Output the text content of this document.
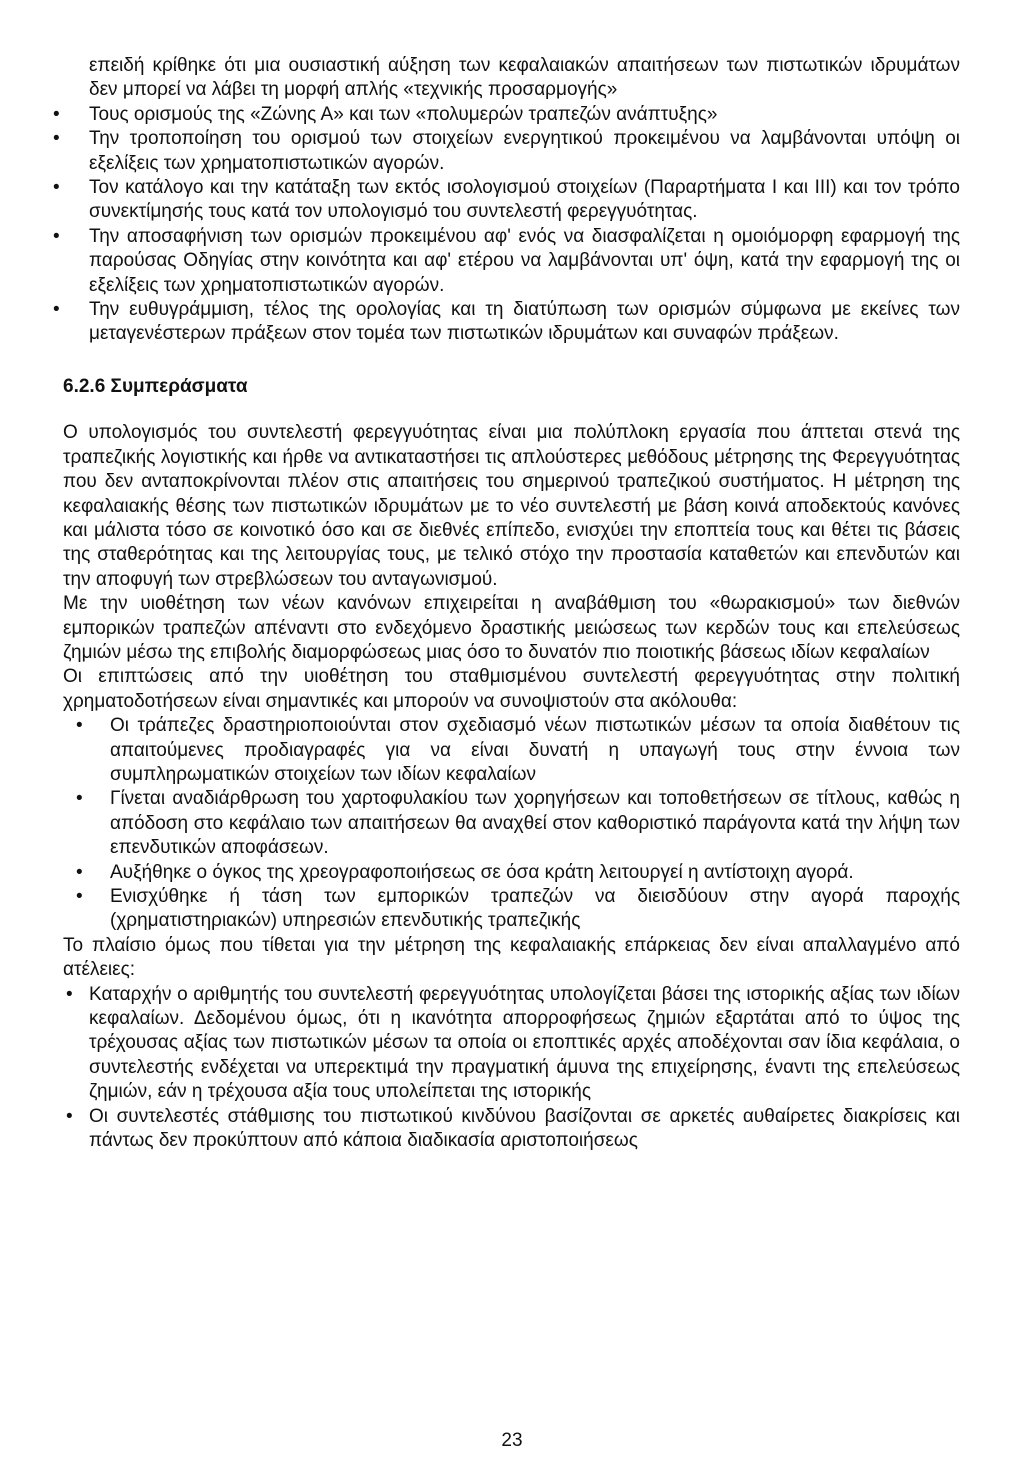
επειδή κρίθηκε ότι μια ουσιαστική αύξηση των κεφαλαιακών απαιτήσεων των πιστωτικών ιδρυμάτων δεν μπορεί να λάβει τη μορφή απλής «τεχνικής προσαρμογής»
• Τους ορισμούς της «Ζώνης Α» και των «πολυμερών τραπεζών ανάπτυξης»
• Την τροποποίηση του ορισμού των στοιχείων ενεργητικού προκειμένου να λαμβάνονται υπόψη οι εξελίξεις των χρηματοπιστωτικών αγορών.
• Τον κατάλογο και την κατάταξη των εκτός ισολογισμού στοιχείων (Παραρτήματα I και III) και τον τρόπο συνεκτίμησής τους κατά τον υπολογισμό του συντελεστή φερεγγυότητας.
• Την αποσαφήνιση των ορισμών προκειμένου αφ' ενός να διασφαλίζεται η ομοιόμορφη εφαρμογή της παρούσας Οδηγίας στην κοινότητα και αφ' ετέρου να λαμβάνονται υπ' όψη, κατά την εφαρμογή της οι εξελίξεις των χρηματοπιστωτικών αγορών.
• Την ευθυγράμμιση, τέλος της ορολογίας και τη διατύπωση των ορισμών σύμφωνα με εκείνες των μεταγενέστερων πράξεων στον τομέα των πιστωτικών ιδρυμάτων και συναφών πράξεων.
6.2.6 Συμπεράσματα

Ο υπολογισμός του συντελεστή φερεγγυότητας είναι μια πολύπλοκη εργασία που άπτεται στενά της τραπεζικής λογιστικής και ήρθε να αντικαταστήσει τις απλούστερες μεθόδους μέτρησης της Φερεγγυότητας που δεν ανταποκρίνονται πλέον στις απαιτήσεις του σημερινού τραπεζικού συστήματος. Η μέτρηση της κεφαλαιακής θέσης των πιστωτικών ιδρυμάτων με το νέο συντελεστή με βάση κοινά αποδεκτούς κανόνες και μάλιστα τόσο σε κοινοτικό όσο και σε διεθνές επίπεδο, ενισχύει την εποπτεία τους και θέτει τις βάσεις της σταθερότητας και της λειτουργίας τους, με τελικό στόχο την προστασία καταθετών και επενδυτών και την αποφυγή των στρεβλώσεων του ανταγωνισμού.

Με την υιοθέτηση των νέων κανόνων επιχειρείται η αναβάθμιση του «θωρακισμού» των διεθνών εμπορικών τραπεζών απέναντι στο ενδεχόμενο δραστικής μειώσεως των κερδών τους και επελεύσεως ζημιών μέσω της επιβολής διαμορφώσεως μιας όσο το δυνατόν πιο ποιοτικής βάσεως ιδίων κεφαλαίων

Οι επιπτώσεις από την υιοθέτηση του σταθμισμένου συντελεστή φερεγγυότητας στην πολιτική χρηματοδοτήσεων είναι σημαντικές και μπορούν να συνοψιστούν στα ακόλουθα:

• Οι τράπεζες δραστηριοποιούνται στον σχεδιασμό νέων πιστωτικών μέσων τα οποία διαθέτουν τις απαιτούμενες προδιαγραφές για να είναι δυνατή η υπαγωγή τους στην έννοια των συμπληρωματικών στοιχείων των ιδίων κεφαλαίων
• Γίνεται αναδιάρθρωση του χαρτοφυλακίου των χορηγήσεων και τοποθετήσεων σε τίτλους, καθώς η απόδοση στο κεφάλαιο των απαιτήσεων θα αναχθεί στον καθοριστικό παράγοντα κατά την λήψη των επενδυτικών αποφάσεων.
• Αυξήθηκε ο όγκος της χρεογραφοποιήσεως σε όσα κράτη λειτουργεί η αντίστοιχη αγορά.
• Ενισχύθηκε ή τάση των εμπορικών τραπεζών να διεισδύουν στην αγορά παροχής (χρηματιστηριακών) υπηρεσιών επενδυτικής τραπεζικής

Το πλαίσιο όμως που τίθεται για την μέτρηση της κεφαλαιακής επάρκειας δεν είναι απαλλαγμένο από ατέλειες:

• Καταρχήν ο αριθμητής του συντελεστή φερεγγυότητας υπολογίζεται βάσει της ιστορικής αξίας των ιδίων κεφαλαίων. Δεδομένου όμως, ότι η ικανότητα απορροφήσεως ζημιών εξαρτάται από το ύψος της τρέχουσας αξίας των πιστωτικών μέσων τα οποία οι εποπτικές αρχές αποδέχονται σαν ίδια κεφάλαια, ο συντελεστής ενδέχεται να υπερεκτιμά την πραγματική άμυνα της επιχείρησης, έναντι της επελεύσεως ζημιών, εάν η τρέχουσα αξία τους υπολείπεται της ιστορικής
• Οι συντελεστές στάθμισης του πιστωτικού κινδύνου βασίζονται σε αρκετές αυθαίρετες διακρίσεις και πάντως δεν προκύπτουν από κάποια διαδικασία αριστοποιήσεως
23
